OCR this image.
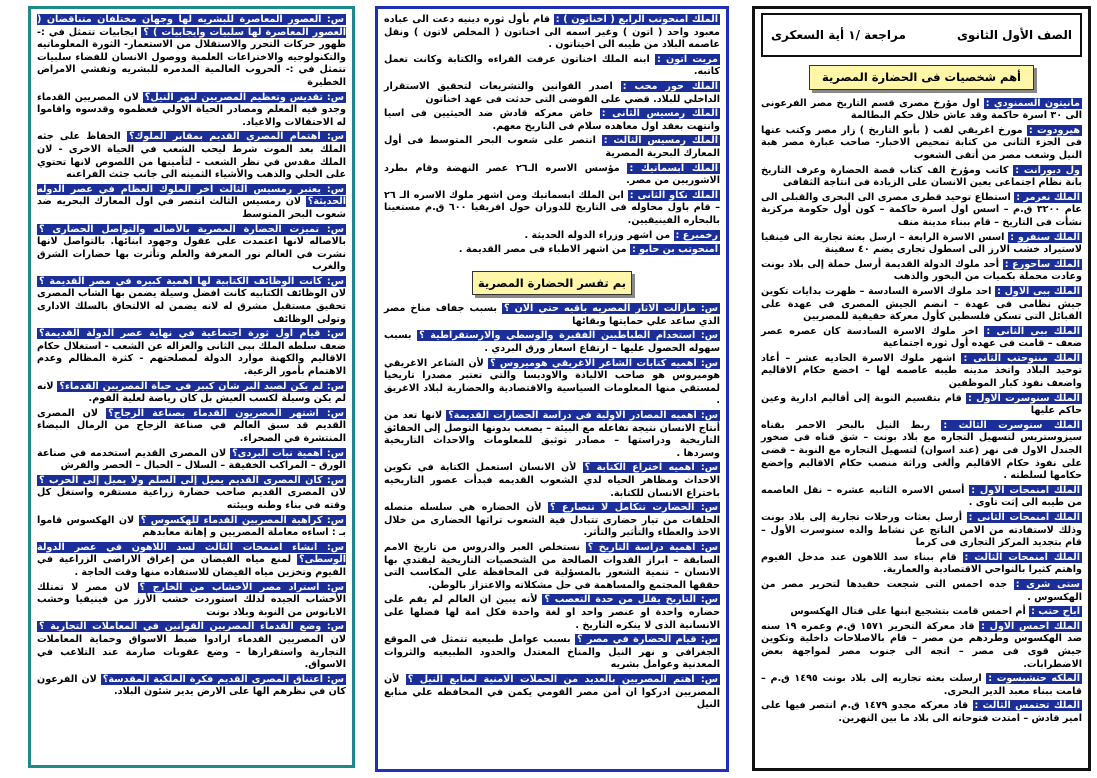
الصف الأول الثانوى
مراجعة /١ أية السعكرى
أهم شخصيات فى الحضارة المصرية

مانيتون السمنودي : اول مؤرخ مصرى قسم التاريخ مصر الفرعونى الى ٣٠ اسرة حاكمة وقد عاش خلال حكم البطالمة

هيرودوت : مورخ اغريقي لقب ( بأبو التاريخ ) زار مصر وكتب عنها فى الجزء الثانى من كتابة تمحيص الاخبار- صاحب عبارة مصر هبة النيل وشعب مصر من أتقى الشعوب

ول ديورانت : كاتب ومؤرخ الف كتاب قصة الحضارة وعرف التاريخ بانة نظام اجتماعى يعين الانسان على الزيادة فى انتاجة الثقافى

الملك نعرمر : استطاع توحيد قطرى مصرى الى البحرى والقبلى الى عام ٣٢٠٠ ق.م – اسس اول اسرة حاكمة – كون أول حكومة مركزية نشأت فى التاريخ – قام ببناء مدينة منف

الملك سنفرو : اسس الاسرة الرابعة – ارسل بعثة تجارية الى فينقيا لاستيراد خشب الارز الى اسطول تجارى يضم ٤٠ سفينة

الملك ساحورع : أحد ملوك الدولة القديمة أرسل حملة إلى بلاد بونت وعادت محملة بكميات من البخور والذهب

الملك ببى الاول : احد ملوك الاسرة السادسة – ظهرت بدايات تكوين جيش نظامى فى عهدة – انضم الجيش المصرى فى عهدة على القبائل التى تسكن فلسطين كأول معركة حقيقية للمصريين

الملك ببى الثانى : اخر ملوك الاسرة السادسة كان عصره عصر ضعف – قامت فى عهده أول ثوره اجتماعية

الملك منتوحتب الثانى : اشهر ملوك الاسرة الحاديه عشر – أعاد توحيد البلاد واتخذ مدينه طيبه عاصمه لها – اخضع حكام الاقاليم واضعف نفوذ كبار الموظفين

الملك سنوسرت الاول : قام بتقسيم النوبة إلى أقاليم ادارية وعين حاكم عليها

الملك سنوسرت الثالث : ربط النيل بالبحر الاحمر بقناه سيزوستريس لتسهيل التجاره مع بلاد بونت – شق قناه فى صخور الجندل الاول فى نهر (عند اسوان) لتسهيل التجاره مع النوبة – قضى على نفوذ حكام الاقاليم وألغى وراثة منصب حكام الاقاليم وإخضع حكامها لسلطته .

الملك امنمحات الاول : أسس الاسره الثانيه عشره – نقل العاصمه من طيبه الى إثت تاوى .

الملك امنمحات الثانى : أرسل بعثات ورحلات تجارية إلى بلاد بونت وذلك لاستفادته من الامن الناتج عن نشاط والده سنوسرت الأول – قام بتجديد المركز التجارى فى كرما

الملك امنمحات الثالث : قام ببناء سد اللاهون عند مدخل الفيوم واهتم كثيرا بالنواحي الاقتصادية والعمارية.

ستى شرى : جده احمس التى شجعت حفيدها لتحرير مصر من الهكسوس .

اباح حتب : أم احمس قامت بتشجيع ابنها على قتال الهكسوس

الملك احمس الاول : قاد معركة التحرير ١٥٧١ ق.م وعمره ١٩ سنه ضد الهكسوس وطردهم من مصر – قام بالاصلاحات داخلية وتكوين جيش قوى فى مصر – اتجه الى جنوب مصر لمواجهة بعض الاضطرابات.

الملكه حتشبسوت : ارسلت بعثه تجاريه إلى بلاد بونت ١٤٩٥ ق.م – قامت ببناء معبد الدير البحرى.

الملك تحتمس الثالث : قاد معركه مجدو ١٤٧٩ ق.م انتصر فيها على امير قادش – امتدت فتوحاته الى بلاد ما بين النهرين.

الملك امنحوتب الرابع ( اخناتون ) : قام بأول ثوره دينيه دعت الى عباده معبود واحد ( اتون ) وغير اسمه الى اخناتون ( المخلص لاتون ) ونقل عاصمه البلاد من طيبه الى اخيتاتون .

مريت اتون : ابنه الملك اخناتون عرفت القراءه والكتابة وكانت تعمل كاتبه.

الملك حور محب : اصدر القوانين والتشريعات لتحقيق الاستقرار الداخلي للبلاد. قضي على الفوضى التى حدثت فى عهد اخناتون

الملك رمسيس الثانى : خاض معركه قادش ضد الحيثيين فى اسيا وانتهت بعقد اول معاهده سلام فى التاريخ معهم.

الملك رمسيس الثالث : انتصر على شعوب البحر المتوسط فى أول المعارك البحرية المصرية

الملك ابسماتيك : مؤسس الاسره الـ٢٦ عصر النهضة وقام بطرد الاشوريين من مصر.

الملك نكاو الثانى : ابن الملك ابسماتيك ومن اشهر ملوك الاسره الـ ٢٦ – قام باول محاوله فى التاريخ للدوران حول افريقيا ٦٠٠ ق.م مستعينا بالبحاره الفينيقيين.

رخميرع : من اشهر وزراء الدوله الحديثة .

امنحوتب بن حابو : من اشهر الاطباء فى مصر القديمة .

بم تفسر الحضارة المصرية

س: مازالت الاثار المصريه باقيه حتي الان ؟ بسبب جفاف مناخ مصر الذي ساعد علي حمايتها وبقائها

س: استخدام الطباطبين الفقيرة والوسطي والارستقراطية ؟ بسبب سهوله الحصول عليها – ارتفاع اسعار ورق البردي .

س: اهميه كتابات الشاعر الاغريقي هوميروس ؟ لأن الشاعر الاغريقي هوميروس هو صاحب الالياذة والاوديسا والتي تعتبر مصدرا تاريخيا لمستقي منها المعلومات السياسية والاقتصادية والحضارية لبلاد الاغريق .

س: اهميه المصادر الاولية في دراسة الحضارات القديمة؟ لانها تعد من أنتاج الانسان نتيجة تفاعله مع البيئة – يصعب بدونها التوصل إلى الحقائق التاريخية ودراستها – مصادر توثيق للمعلومات والاحداث التاريخية وسردها .

س: اهميه اختراع الكتابة ؟ لأن الانسان استعمل الكتابة في تكوين الاحداث ومظاهر الحياه لدي الشعوب القديمه فبدأت عصور التاريخيه باختراع الانسان للكتابة.

س: الحضارت تتكامل لا تتصارع ؟ لأن الحضاره هي سلسله متصله الحلقات من تيار حضارى تتبادل فية الشعوب تراثها الحضارى من خلال الاخذ والعطاء والتأثير والتأثر.

س: اهمية دراسة التاريخ ؟ نستخلص العبر والدروس من تاريخ الامم السابقة – ابراز القدوات الصالحة من الشخصيات التاريخية ليقتدي بها الانسان – تنمية الشعور بالمسؤلية فى المحافظة علي المكاسب التى حققها المجتمع والمساهمة في حل مشكلاته والاعتزاز بالوطن.

س: التاريخ يقلل من حدة التعصب ؟ لأنه يبين ان العالم لم يقم على حضاره واحدة او عنصر واحد او لغة واحدة فكل امة لها فضلها على الانسانية الذى لا ينكره التاريخ .

س: قيام الحضارة في مصر ؟ بسبب عوامل طبيعيه تتمثل في الموقع الجغرافي و نهر النيل والمناخ المعتدل والحدود الطبيعيه والثروات المعدنية وعوامل بشريه

س: اهتم المصريين بالعديد من الحملات الامنية لمنابع النيل ؟ لأن المصريين ادركوا ان أمن مصر القومي يكمن في المحافظه علي منابع النيل

س: العصور المعاصرة للبشريه لها وجهان مختلفان متناقضان ( العصور المعاصرة لها سلبيات وايجابيات ) ؟ ايجابيات تتمثل في :- ظهور حركات التحرر والاستقلال من الاستعمار- الثورة المعلوماتيه والتكنولوجيه والاختراعات العلمية ووصول الانسان للفضاء سلبيات تتمثل في :- الحروب العالمية المدمره للبشريه وتفشي الامراض الخطيرة

س: تقديس وتعظيم المصريين لنهر النيل؟ لان المصريين القدماء وجدو فيه المعلم ومصادر الحياة الاولي فعظموه وقدسوه واقاموا له الاحتفالات والاعياد.

س: اهتمام المصري القديم بمقابر الملوك؟ الحفاظ على جثه الملك بعد الموت شرط ليحب الشعب في الحياة الاخرى - لان الملك مقدس في نظر الشعب - لتأمينها من اللصوص لانها تحتوي على الحلي والذهب والأشياء الثمينه الى جانب جثث الفراعنه

س: يعتبر رمسيس الثالث اخر الملوك العظام في عصر الدوله الحديثة؟ لان رمسيس الثالث انتصر في اول المعارك البحريه ضد شعوب البحر المتوسط

س: تميزت الحضارة المصرية بالأصاله والتواصل الحضارى ؟ بالاصاله لانها اعتمدت على عقول وجهود ابنائها. بالتواصل لانها نشرت في العالم نور المعرفة والعلم وتأثرت بها حضارات الشرق والغرب

س: كانت الوظائف الكتابية لها اهمية كبيره في مصر القديمة ؟ لان الوظائف الكتابيه كانت افضل وسيلة يضمن بها الشاب المصرى تحقيق مستقبل مشرق له لانه يضمن له الالتحاق بالسلك الادارى وتولى الوظائف

س: قيام اول ثورة اجتماعية في نهاية عصر الدولة القديمة؟ ضعف سلطه الملك ببى الثانى والعزاله عن الشعب - استغلال حكام الاقاليم والكهنة موارد الدولة لمصلحتهم - كثرة المظالم وعدم الاهتمام بأمور الرعية.

س: لم يكن لصيد البر شأن كبير في حياة المصريين القدماء؟ لانه لم يكن وسيلة لكسب العيش بل كان رياضة لعلية القوم.

س: اشتهر المصريون القدماء بصناعة الزجاج؟ لان المصرى القديم قد سبق العالم في صناعة الزجاج من الرمال البيضاء المنتشرة في الصحراء.

س: اهمية نبات البردى؟ لان المصرى القديم استخدمه في صناعة الورق – المراكب الخفيفة – السلال – الحبال – الحصر والفرش

س: كان المصرى القديم يميل إلى السلم ولا يميل إلى الحرب ؟ لان المصرى القديم صاحب حضارة زراعية مستقره واستغل كل وقته في بناء وطنه وبيئته

س: كراهية المصريين القدماء للهكسوس ؟ لان الهكسوس قاموا بـ : اساءه معاملة المصريين و إهانة معابدهم

س: انشاء امنمحات الثالث لسد اللاهون في عصر الدولة الوسطى؟ لمنع مياه الفيضان من إغراق الاراضى الزراعية في الفيوم وتخزين مياه الفيضان للاستفاده منها وقت الحاجة .

س: استراد مصر الأخشاب من الخارج ؟ لان مصر لا تمتلك الأخشاب الجيده لذلك استوردت خشب الأرز من فينيقيا وخشب الابانوس من النوبة وبلاد بونت

س: وضع القدماء المصريين القوانين في المعاملات التجارية ؟ لان المصريين القدماء ارادوا ضبط الاسواق وحماية المعاملات التجارية واستقرارها – وضع عقوبات صارمة عند التلاعب في الاسواق.

س: اعتناق المصرى القديم فكرة الملكية المقدسة؟ لان الفرعون كان في نظرهم الها على الارض يدير شئون البلاد.
